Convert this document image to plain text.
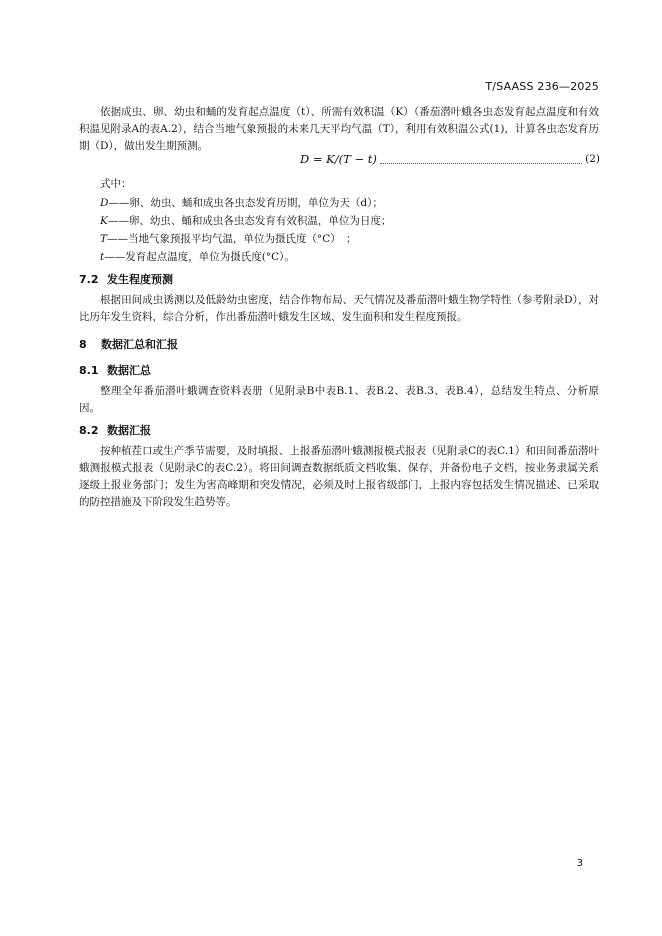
T/SAASS 236—2025
依据成虫、卵、幼虫和蛹的发育起点温度（t）、所需有效积温（K）（番茄潜叶蛾各虫态发育起点温度和有效积温见附录A的表A.2），结合当地气象预报的未来几天平均气温（T），利用有效积温公式(1)，计算各虫态发育历期（D），做出发生期预测。
D = K/(T − t)	(2)
式中：
D——卵、幼虫、蛹和成虫各虫态发育历期，单位为天（d）；
K——卵、幼虫、蛹和成虫各虫态发育有效积温，单位为日度；
T——当地气象预报平均气温，单位为摄氏度（°C）　；
t——发育起点温度，单位为摄氏度(°C）。
7.2 发生程度预测
根据田间成虫诱测以及低龄幼虫密度，结合作物布局、天气情况及番茄潜叶蛾生物学特性（参考附录D），对比历年发生资料，综合分析，作出番茄潜叶蛾发生区域、发生面积和发生程度预报。
8 数据汇总和汇报
8.1 数据汇总
整理全年番茄潜叶蛾调查资料表册（见附录B中表B.1、表B.2、表B.3、表B.4），总结发生特点、分析原因。
8.2 数据汇报
按种植茬口或生产季节需要，及时填报、上报番茄潜叶蛾测报模式报表（见附录C的表C.1）和田间番茄潜叶蛾测报模式报表（见附录C的表C.2）。将田间调查数据纸质文档收集、保存，并备份电子文档，按业务隶属关系逐级上报业务部门；发生为害高峰期和突发情况，必须及时上报省级部门，上报内容包括发生情况描述、已采取的防控措施及下阶段发生趋势等。
3
